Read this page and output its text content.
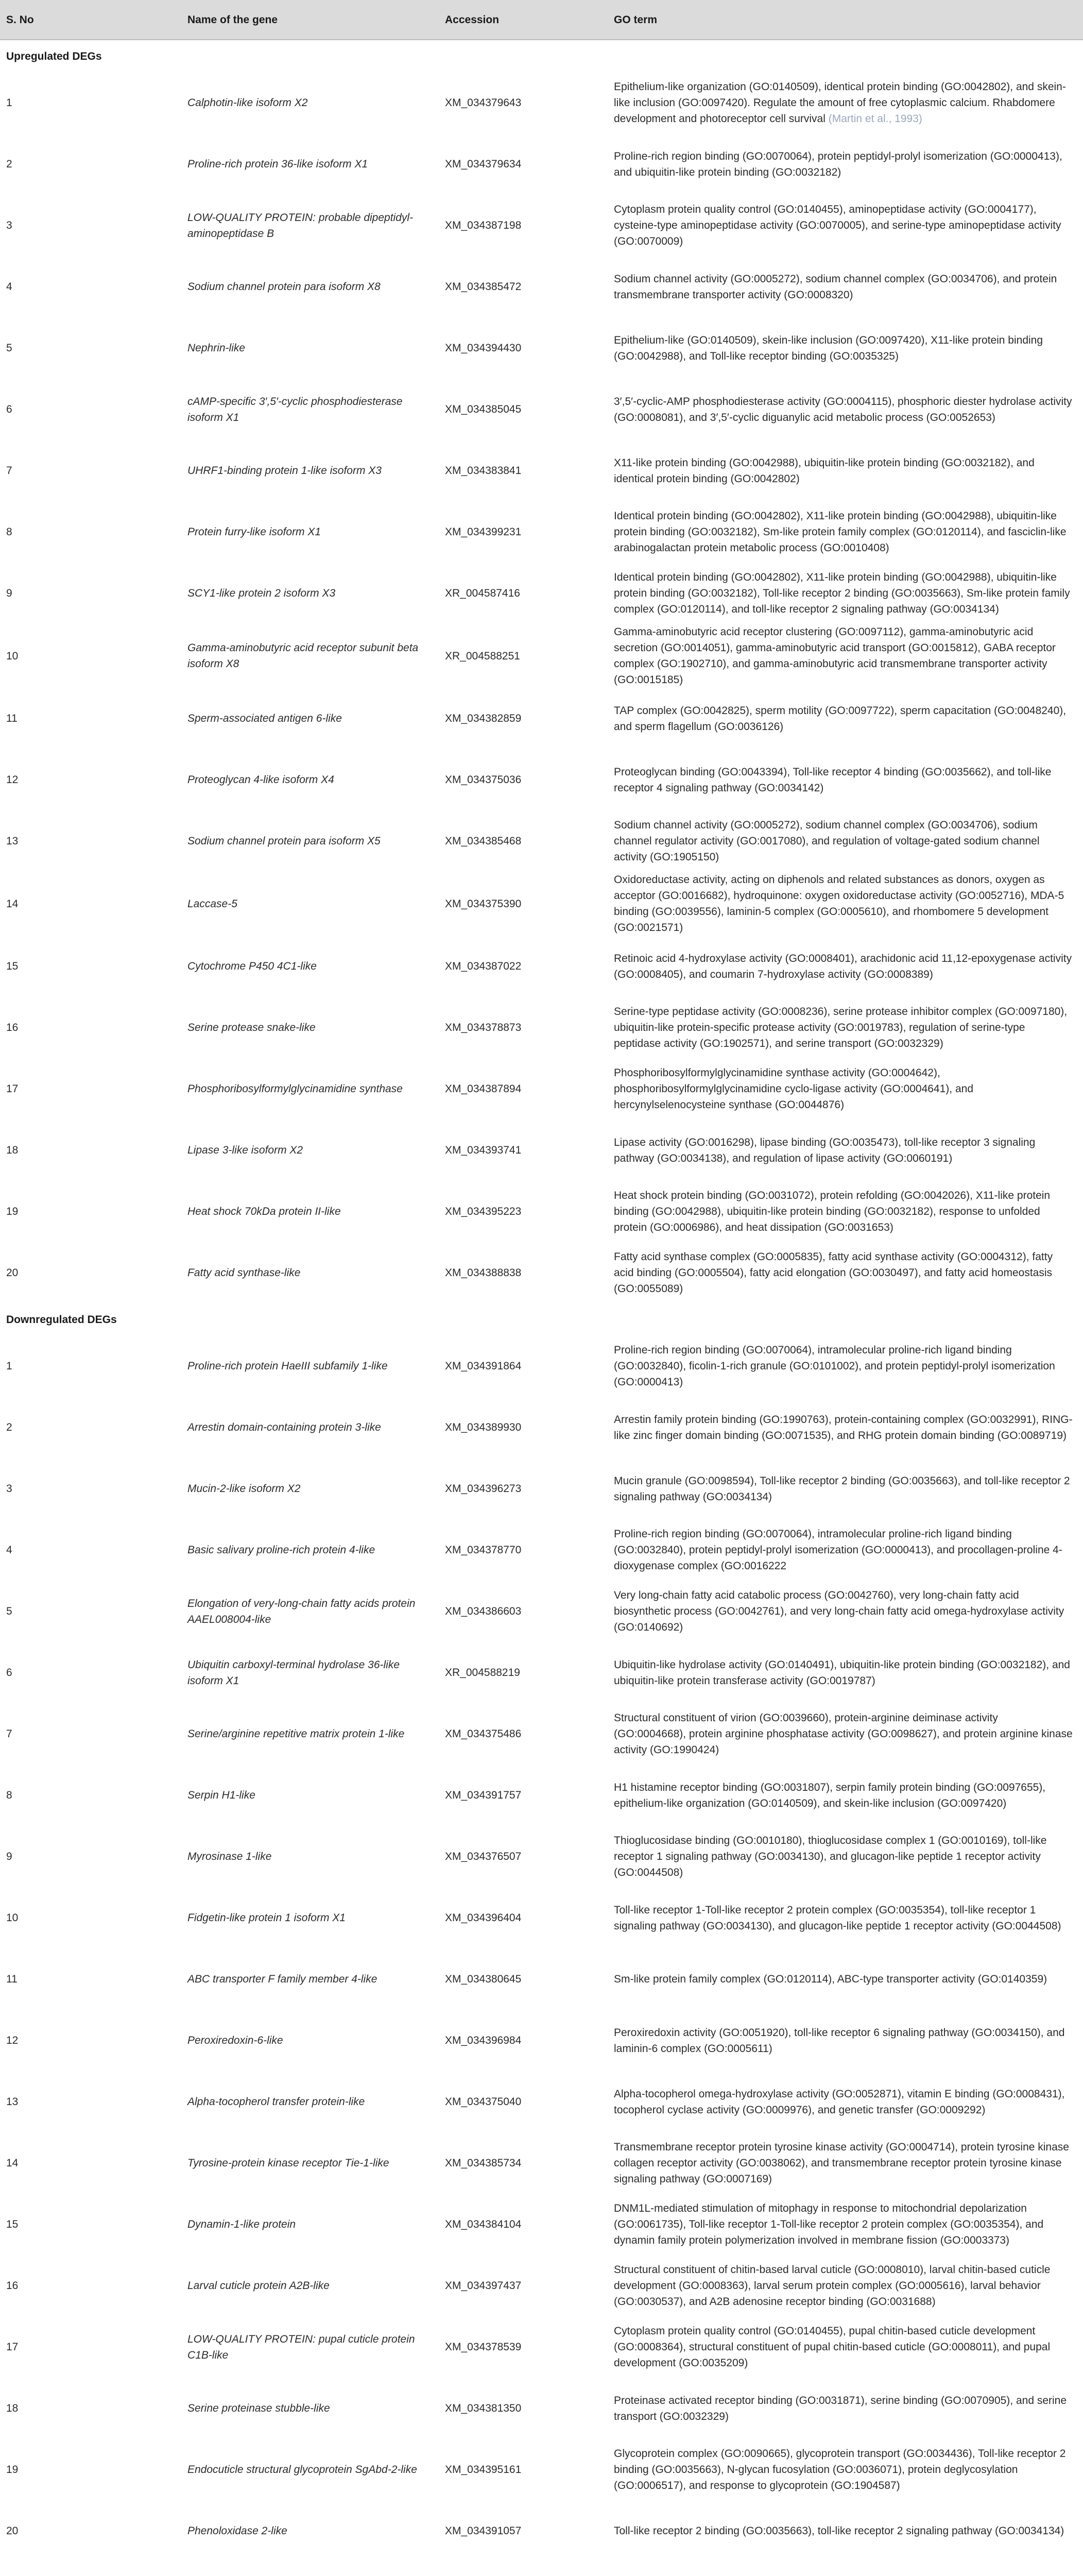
S. No	Name of the gene	Accession	GO term
Upregulated DEGs			
1	Calphotin-like isoform X2	XM_034379643	Epithelium-like organization (GO:0140509), identical protein binding (GO:0042802), and skein-like inclusion (GO:0097420). Regulate the amount of free cytoplasmic calcium. Rhabdomere development and photoreceptor cell survival (Martin et al., 1993)
2	Proline-rich protein 36-like isoform X1	XM_034379634	Proline-rich region binding (GO:0070064), protein peptidyl-prolyl isomerization (GO:0000413), and ubiquitin-like protein binding (GO:0032182)
3	LOW-QUALITY PROTEIN: probable dipeptidyl-aminopeptidase B	XM_034387198	Cytoplasm protein quality control (GO:0140455), aminopeptidase activity (GO:0004177), cysteine-type aminopeptidase activity (GO:0070005), and serine-type aminopeptidase activity (GO:0070009)
4	Sodium channel protein para isoform X8	XM_034385472	Sodium channel activity (GO:0005272), sodium channel complex (GO:0034706), and protein transmembrane transporter activity (GO:0008320)
5	Nephrin-like	XM_034394430	Epithelium-like (GO:0140509), skein-like inclusion (GO:0097420), X11-like protein binding (GO:0042988), and Toll-like receptor binding (GO:0035325)
6	cAMP-specific 3′,5′-cyclic phosphodiesterase isoform X1	XM_034385045	3′,5′-cyclic-AMP phosphodiesterase activity (GO:0004115), phosphoric diester hydrolase activity (GO:0008081), and 3′,5′-cyclic diguanylic acid metabolic process (GO:0052653)
7	UHRF1-binding protein 1-like isoform X3	XM_034383841	X11-like protein binding (GO:0042988), ubiquitin-like protein binding (GO:0032182), and identical protein binding (GO:0042802)
8	Protein furry-like isoform X1	XM_034399231	Identical protein binding (GO:0042802), X11-like protein binding (GO:0042988), ubiquitin-like protein binding (GO:0032182), Sm-like protein family complex (GO:0120114), and fasciclin-like arabinogalactan protein metabolic process (GO:0010408)
9	SCY1-like protein 2 isoform X3	XR_004587416	Identical protein binding (GO:0042802), X11-like protein binding (GO:0042988), ubiquitin-like protein binding (GO:0032182), Toll-like receptor 2 binding (GO:0035663), Sm-like protein family complex (GO:0120114), and toll-like receptor 2 signaling pathway (GO:0034134)
10	Gamma-aminobutyric acid receptor subunit beta isoform X8	XR_004588251	Gamma-aminobutyric acid receptor clustering (GO:0097112), gamma-aminobutyric acid secretion (GO:0014051), gamma-aminobutyric acid transport (GO:0015812), GABA receptor complex (GO:1902710), and gamma-aminobutyric acid transmembrane transporter activity (GO:0015185)
11	Sperm-associated antigen 6-like	XM_034382859	TAP complex (GO:0042825), sperm motility (GO:0097722), sperm capacitation (GO:0048240), and sperm flagellum (GO:0036126)
12	Proteoglycan 4-like isoform X4	XM_034375036	Proteoglycan binding (GO:0043394), Toll-like receptor 4 binding (GO:0035662), and toll-like receptor 4 signaling pathway (GO:0034142)
13	Sodium channel protein para isoform X5	XM_034385468	Sodium channel activity (GO:0005272), sodium channel complex (GO:0034706), sodium channel regulator activity (GO:0017080), and regulation of voltage-gated sodium channel activity (GO:1905150)
14	Laccase-5	XM_034375390	Oxidoreductase activity, acting on diphenols and related substances as donors, oxygen as acceptor (GO:0016682), hydroquinone: oxygen oxidoreductase activity (GO:0052716), MDA-5 binding (GO:0039556), laminin-5 complex (GO:0005610), and rhombomere 5 development (GO:0021571)
15	Cytochrome P450 4C1-like	XM_034387022	Retinoic acid 4-hydroxylase activity (GO:0008401), arachidonic acid 11,12-epoxygenase activity (GO:0008405), and coumarin 7-hydroxylase activity (GO:0008389)
16	Serine protease snake-like	XM_034378873	Serine-type peptidase activity (GO:0008236), serine protease inhibitor complex (GO:0097180), ubiquitin-like protein-specific protease activity (GO:0019783), regulation of serine-type peptidase activity (GO:1902571), and serine transport (GO:0032329)
17	Phosphoribosylformylglycinamidine synthase	XM_034387894	Phosphoribosylformylglycinamidine synthase activity (GO:0004642), phosphoribosylformylglycinamidine cyclo-ligase activity (GO:0004641), and hercynylselenocysteine synthase (GO:0044876)
18	Lipase 3-like isoform X2	XM_034393741	Lipase activity (GO:0016298), lipase binding (GO:0035473), toll-like receptor 3 signaling pathway (GO:0034138), and regulation of lipase activity (GO:0060191)
19	Heat shock 70kDa protein II-like	XM_034395223	Heat shock protein binding (GO:0031072), protein refolding (GO:0042026), X11-like protein binding (GO:0042988), ubiquitin-like protein binding (GO:0032182), response to unfolded protein (GO:0006986), and heat dissipation (GO:0031653)
20	Fatty acid synthase-like	XM_034388838	Fatty acid synthase complex (GO:0005835), fatty acid synthase activity (GO:0004312), fatty acid binding (GO:0005504), fatty acid elongation (GO:0030497), and fatty acid homeostasis (GO:0055089)
Downregulated DEGs			
1	Proline-rich protein HaeIII subfamily 1-like	XM_034391864	Proline-rich region binding (GO:0070064), intramolecular proline-rich ligand binding (GO:0032840), ficolin-1-rich granule (GO:0101002), and protein peptidyl-prolyl isomerization (GO:0000413)
2	Arrestin domain-containing protein 3-like	XM_034389930	Arrestin family protein binding (GO:1990763), protein-containing complex (GO:0032991), RING-like zinc finger domain binding (GO:0071535), and RHG protein domain binding (GO:0089719)
3	Mucin-2-like isoform X2	XM_034396273	Mucin granule (GO:0098594), Toll-like receptor 2 binding (GO:0035663), and toll-like receptor 2 signaling pathway (GO:0034134)
4	Basic salivary proline-rich protein 4-like	XM_034378770	Proline-rich region binding (GO:0070064), intramolecular proline-rich ligand binding (GO:0032840), protein peptidyl-prolyl isomerization (GO:0000413), and procollagen-proline 4-dioxygenase complex (GO:0016222
5	Elongation of very-long-chain fatty acids protein AAEL008004-like	XM_034386603	Very long-chain fatty acid catabolic process (GO:0042760), very long-chain fatty acid biosynthetic process (GO:0042761), and very long-chain fatty acid omega-hydroxylase activity (GO:0140692)
6	Ubiquitin carboxyl-terminal hydrolase 36-like isoform X1	XR_004588219	Ubiquitin-like hydrolase activity (GO:0140491), ubiquitin-like protein binding (GO:0032182), and ubiquitin-like protein transferase activity (GO:0019787)
7	Serine/arginine repetitive matrix protein 1-like	XM_034375486	Structural constituent of virion (GO:0039660), protein-arginine deiminase activity (GO:0004668), protein arginine phosphatase activity (GO:0098627), and protein arginine kinase activity (GO:1990424)
8	Serpin H1-like	XM_034391757	H1 histamine receptor binding (GO:0031807), serpin family protein binding (GO:0097655), epithelium-like organization (GO:0140509), and skein-like inclusion (GO:0097420)
9	Myrosinase 1-like	XM_034376507	Thioglucosidase binding (GO:0010180), thioglucosidase complex 1 (GO:0010169), toll-like receptor 1 signaling pathway (GO:0034130), and glucagon-like peptide 1 receptor activity (GO:0044508)
10	Fidgetin-like protein 1 isoform X1	XM_034396404	Toll-like receptor 1-Toll-like receptor 2 protein complex (GO:0035354), toll-like receptor 1 signaling pathway (GO:0034130), and glucagon-like peptide 1 receptor activity (GO:0044508)
11	ABC transporter F family member 4-like	XM_034380645	Sm-like protein family complex (GO:0120114), ABC-type transporter activity (GO:0140359)
12	Peroxiredoxin-6-like	XM_034396984	Peroxiredoxin activity (GO:0051920), toll-like receptor 6 signaling pathway (GO:0034150), and laminin-6 complex (GO:0005611)
13	Alpha-tocopherol transfer protein-like	XM_034375040	Alpha-tocopherol omega-hydroxylase activity (GO:0052871), vitamin E binding (GO:0008431), tocopherol cyclase activity (GO:0009976), and genetic transfer (GO:0009292)
14	Tyrosine-protein kinase receptor Tie-1-like	XM_034385734	Transmembrane receptor protein tyrosine kinase activity (GO:0004714), protein tyrosine kinase collagen receptor activity (GO:0038062), and transmembrane receptor protein tyrosine kinase signaling pathway (GO:0007169)
15	Dynamin-1-like protein	XM_034384104	DNM1L-mediated stimulation of mitophagy in response to mitochondrial depolarization (GO:0061735), Toll-like receptor 1-Toll-like receptor 2 protein complex (GO:0035354), and dynamin family protein polymerization involved in membrane fission (GO:0003373)
16	Larval cuticle protein A2B-like	XM_034397437	Structural constituent of chitin-based larval cuticle (GO:0008010), larval chitin-based cuticle development (GO:0008363), larval serum protein complex (GO:0005616), larval behavior (GO:0030537), and A2B adenosine receptor binding (GO:0031688)
17	LOW-QUALITY PROTEIN: pupal cuticle protein C1B-like	XM_034378539	Cytoplasm protein quality control (GO:0140455), pupal chitin-based cuticle development (GO:0008364), structural constituent of pupal chitin-based cuticle (GO:0008011), and pupal development (GO:0035209)
18	Serine proteinase stubble-like	XM_034381350	Proteinase activated receptor binding (GO:0031871), serine binding (GO:0070905), and serine transport (GO:0032329)
19	Endocuticle structural glycoprotein SgAbd-2-like	XM_034395161	Glycoprotein complex (GO:0090665), glycoprotein transport (GO:0034436), Toll-like receptor 2 binding (GO:0035663), N-glycan fucosylation (GO:0036071), protein deglycosylation (GO:0006517), and response to glycoprotein (GO:1904587)
20	Phenoloxidase 2-like	XM_034391057	Toll-like receptor 2 binding (GO:0035663), toll-like receptor 2 signaling pathway (GO:0034134)
